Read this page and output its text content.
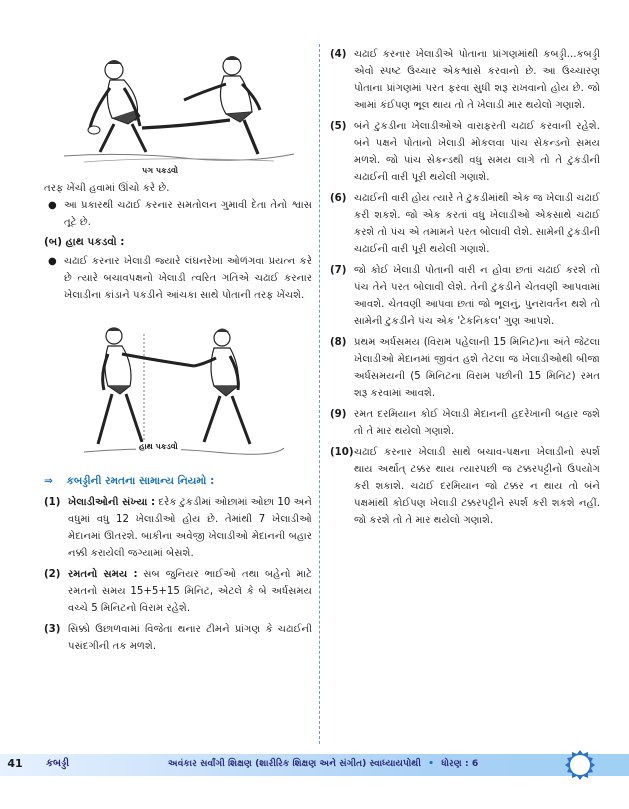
પગ પકડવો

તરફ ખેંચી હવામાં ઊંચો કરે છે.

● આ પ્રકારથી ચઢાઈ કરનાર સમતોલન ગુમાવી દેતા તેનો શ્વાસ તૂટે છે.
(બ) હાથ પકડવો :
● ચઢાઈ કરનાર ખેલાડી જ્યારે લંઘનરેખા ઓળંગવા પ્રયત્ન કરે છે ત્યારે બચાવપક્ષનો ખેલાડી ત્વરિત ગતિએ ચઢાઈ કરનાર ખેલાડીના કાંડાને પકડીને આંચકા સાથે પોતાની તરફ ખેંચશે.
હાથ પકડવો
⇒ કબડ્ડીની રમતના સામાન્ય નિયમો :
(1) ખેલાડીઓની સંખ્યા : દરેક ટુકડીમાં ઓછામાં ઓછા 10 અને વધુમાં વધુ 12 ખેલાડીઓ હોય છે. તેમાંથી 7 ખેલાડીઓ મેદાનમાં ઊતરશે. બાકીના અવેજી ખેલાડીઓ મેદાનની બહાર નક્કી કરાયેલી જગ્યામાં બેસશે.
(2) રમતનો સમય : સબ જુનિયર ભાઈઓ તથા બહેનો માટે રમતનો સમય 15+5+15 મિનિટ, એટલે કે બે અર્ધસમય વચ્ચે 5 મિનિટનો વિરામ રહેશે.
(3) સિક્કો ઉછાળવામાં વિજેતા થનાર ટીમને પ્રાંગણ કે ચઢાઈની પસંદગીની તક મળશે.
(4) ચઢાઈ કરનાર ખેલાડીએ પોતાના પ્રાંગણમાંથી કબડ્ડી...કબડ્ડી એવો સ્પષ્ટ ઉચ્ચાર એકશ્વાસે કરવાનો છે. આ ઉચ્ચારણ પોતાના પ્રાંગણમાં પરત ફરવા સુધી શરૂ રાખવાનો હોય છે. જો આમાં કંઈપણ ભૂલ થાય તો તે ખેલાડી માર થયેલો ગણાશે.
(5) બંને ટુકડીના ખેલાડીઓએ વારાફરતી ચઢાઈ કરવાની રહેશે. બંને પક્ષને પોતાનો ખેલાડી મોકલવા પાંચ સેકન્ડનો સમય મળશે. જો પાંચ સેકન્ડથી વધુ સમય લાગે તો તે ટુકડીની ચઢાઈની વારી પૂરી થયેલી ગણાશે.
(6) ચઢાઈની વારી હોય ત્યારે તે ટુકડીમાંથી એક જ ખેલાડી ચઢાઈ કરી શકશે. જો એક કરતાં વધુ ખેલાડીઓ એકસાથે ચઢાઈ કરશે તો પંચ એ તમામને પરત બોલાવી લેશે. સામેની ટુકડીની ચઢાઈની વારી પૂરી થયેલી ગણાશે.
(7) જો કોઈ ખેલાડી પોતાની વારી ન હોવા છતાં ચઢાઈ કરશે તો પંચ તેને પરત બોલાવી લેશે. તેની ટુકડીને ચેતવણી આપવામાં આવશે. ચેતવણી આપવા છતાં જો ભૂલનું, પુનરાવર્તન થશે તો સામેની ટુકડીને પંચ એક 'ટેકનિકલ' ગુણ આપશે.
(8) પ્રથમ અર્ધસમય (વિરામ પહેલાની 15 મિનિટ)ના અંતે જેટલા ખેલાડીઓ મેદાનમાં જીવંત હશે તેટલા જ ખેલાડીઓથી બીજા અર્ધસમયની (5 મિનિટના વિરામ પછીની 15 મિનિટ) રમત શરૂ કરવામાં આવશે.
(9) રમત દરમિયાન કોઈ ખેલાડી મેદાનની હદરેખાની બહાર જશે તો તે માર થયેલો ગણાશે.
(10) ચઢાઈ કરનાર ખેલાડી સાથે બચાવ-પક્ષના ખેલાડીનો સ્પર્શ થાય અર્થાત્ ટક્કર થાય ત્યારપછી જ ટક્કરપટ્ટીનો ઉપયોગ કરી શકાશે. ચઢાઈ દરમિયાન જો ટક્કર ન થાય તો બંને પક્ષમાંથી કોઈપણ ખેલાડી ટક્કરપટ્ટીને સ્પર્શ કરી શકશે નહીં. જો કરશે તો તે માર થયેલો ગણાશે.
કબડ્ડી	અવંકાર સર્વાંગી શિક્ષણ (શારીરિક શિક્ષણ અને સંગીત) સ્વાધ્યાયપોથી • ધોરણ : 6
41
